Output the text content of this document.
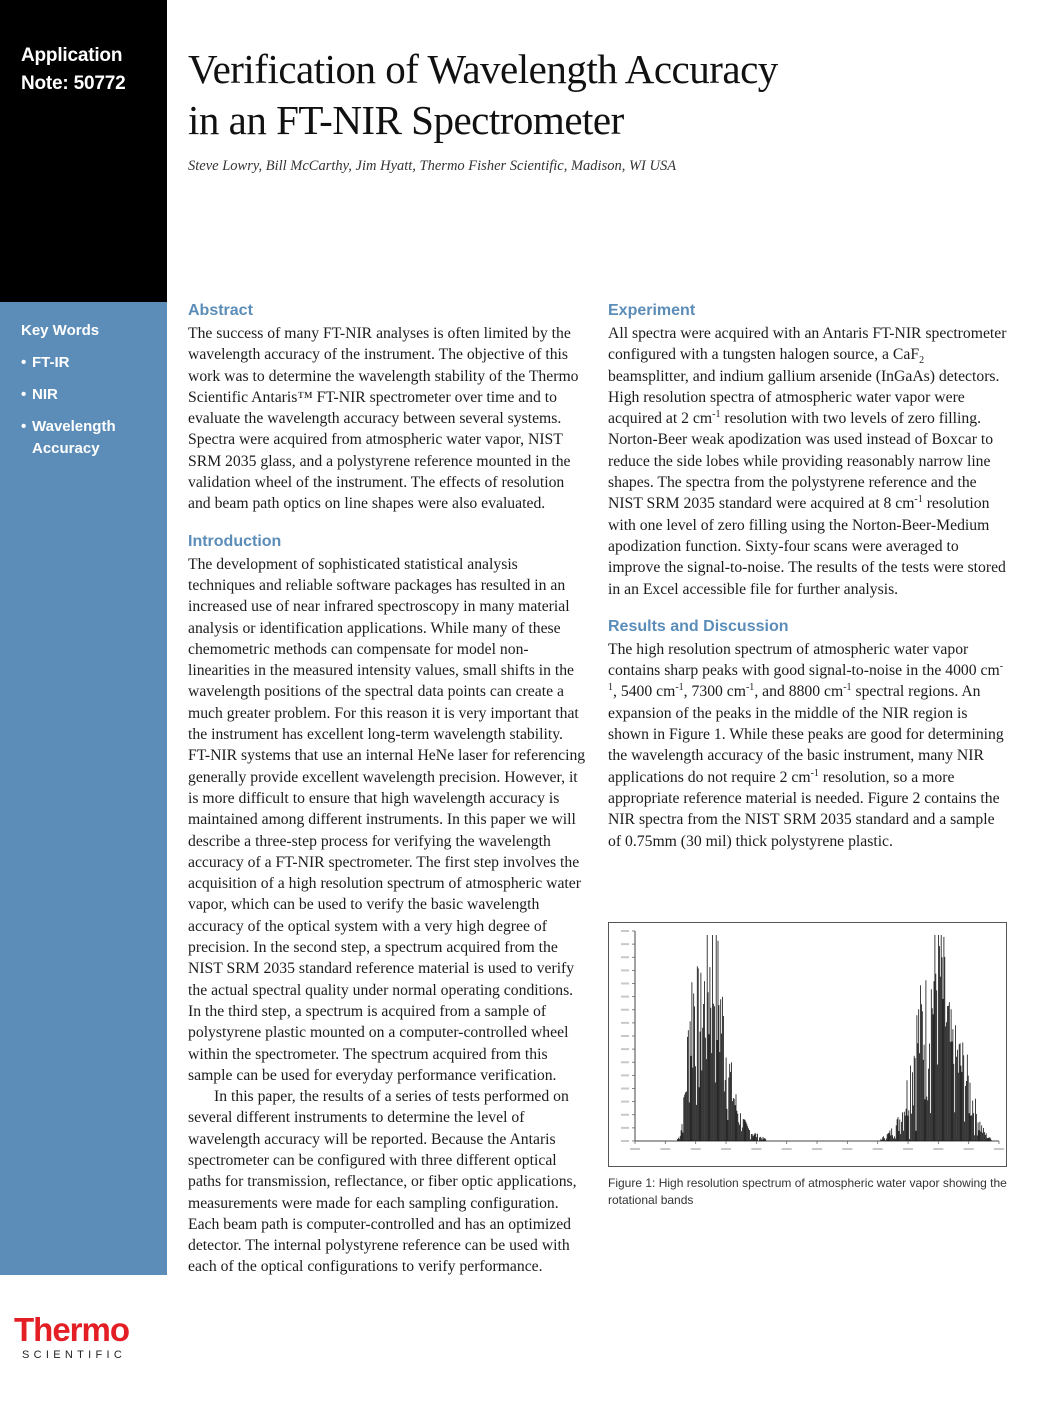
Application
Note: 50772
Key Words
• FT-IR
• NIR
• Wavelength Accuracy
Thermo
SCIENTIFIC
Verification of Wavelength Accuracy
in an FT-NIR Spectrometer
Steve Lowry, Bill McCarthy, Jim Hyatt, Thermo Fisher Scientific, Madison, WI USA
Abstract

The success of many FT-NIR analyses is often limited by the wavelength accuracy of the instrument. The objective of this work was to determine the wavelength stability of the Thermo Scientific Antaris™ FT-NIR spectrometer over time and to evaluate the wavelength accuracy between several systems. Spectra were acquired from atmospheric water vapor, NIST SRM 2035 glass, and a polystyrene reference mounted in the validation wheel of the instrument. The effects of resolution and beam path optics on line shapes were also evaluated.

Introduction

The development of sophisticated statistical analysis techniques and reliable software packages has resulted in an increased use of near infrared spectroscopy in many material analysis or identification applications. While many of these chemometric methods can compensate for model non-linearities in the measured intensity values, small shifts in the wavelength positions of the spectral data points can create a much greater problem. For this reason it is very important that the instrument has excellent long-term wavelength stability. FT-NIR systems that use an internal HeNe laser for referencing generally provide excellent wavelength precision. However, it is more difficult to ensure that high wavelength accuracy is maintained among different instruments. In this paper we will describe a three-step process for verifying the wavelength accuracy of a FT-NIR spectrometer. The first step involves the acquisition of a high resolution spectrum of atmospheric water vapor, which can be used to verify the basic wavelength accuracy of the optical system with a very high degree of precision. In the second step, a spectrum acquired from the NIST SRM 2035 standard reference material is used to verify the actual spectral quality under normal operating conditions. In the third step, a spectrum is acquired from a sample of polystyrene plastic mounted on a computer-controlled wheel within the spectrometer. The spectrum acquired from this sample can be used for everyday performance verification.

In this paper, the results of a series of tests performed on several different instruments to determine the level of wavelength accuracy will be reported. Because the Antaris spectrometer can be configured with three different optical paths for transmission, reflectance, or fiber optic applications, measurements were made for each sampling configuration. Each beam path is computer-controlled and has an optimized detector. The internal polystyrene reference can be used with each of the optical configurations to verify performance.

Experiment

All spectra were acquired with an Antaris FT-NIR spectrometer configured with a tungsten halogen source, a CaF$_2$ beamsplitter, and indium gallium arsenide (InGaAs) detectors. High resolution spectra of atmospheric water vapor were acquired at 2 $cm^{-1}$ resolution with two levels of zero filling. Norton-Beer weak apodization was used instead of Boxcar to reduce the side lobes while providing reasonably narrow line shapes. The spectra from the polystyrene reference and the NIST SRM 2035 standard were acquired at 8 $cm^{-1}$ resolution with one level of zero filling using the Norton-Beer-Medium apodization function. Sixty-four scans were averaged to improve the signal-to-noise. The results of the tests were stored in an Excel accessible file for further analysis.

Results and Discussion

The high resolution spectrum of atmospheric water vapor contains sharp peaks with good signal-to-noise in the 4000 $cm^{-1}$, 5400 $cm^{-1}$, 7300 $cm^{-1}$, and 8800 $cm^{-1}$ spectral regions. An expansion of the peaks in the middle of the NIR region is shown in Figure 1. While these peaks are good for determining the wavelength accuracy of the basic instrument, many NIR applications do not require 2 $cm^{-1}$ resolution, so a more appropriate reference material is needed. Figure 2 contains the NIR spectra from the NIST SRM 2035 standard and a sample of 0.75mm (30 mil) thick polystyrene plastic.

Figure 1: High resolution spectrum of atmospheric water vapor showing the rotational bands
